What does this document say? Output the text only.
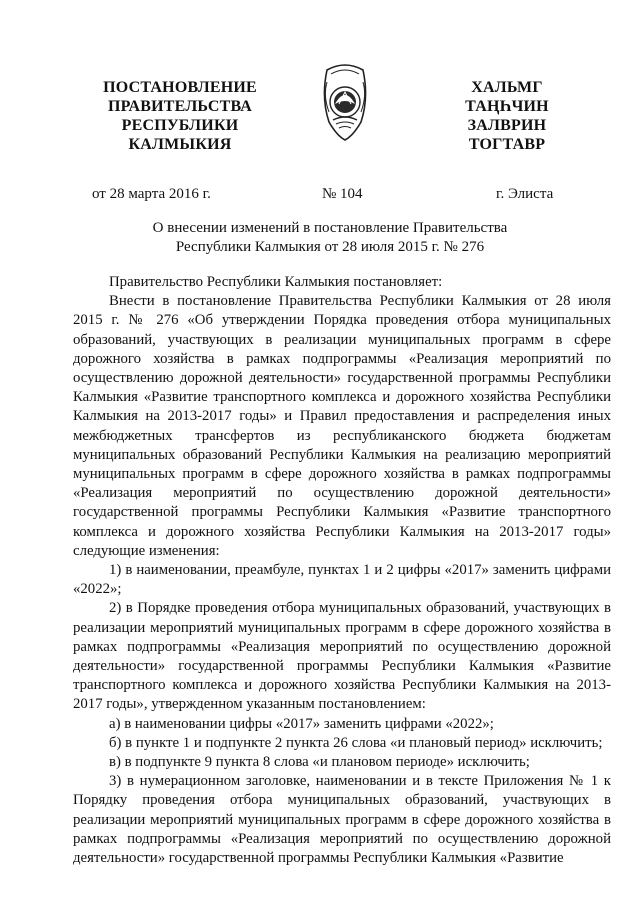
ПОСТАНОВЛЕНИЕ
ПРАВИТЕЛЬСТВА
РЕСПУБЛИКИ
КАЛМЫКИЯ
ХАЛЬМГ
ТАҢҺЧИН
ЗАЛВРИН
ТОГТАВР
от 28 марта 2016 г.	№ 104	г. Элиста
О внесении изменений в постановление Правительства
Республики Калмыкия от 28 июля 2015 г. № 276

Правительство Республики Калмыкия постановляет:

Внести в постановление Правительства Республики Калмыкия от 28 июля 2015 г. № 276 «Об утверждении Порядка проведения отбора муниципальных образований, участвующих в реализации муниципальных программ в сфере дорожного хозяйства в рамках подпрограммы «Реализация мероприятий по осуществлению дорожной деятельности» государственной программы Республики Калмыкия «Развитие транспортного комплекса и дорожного хозяйства Республики Калмыкия на 2013-2017 годы» и Правил предоставления и распределения иных межбюджетных трансфертов из республиканского бюджета бюджетам муниципальных образований Республики Калмыкия на реализацию мероприятий муниципальных программ в сфере дорожного хозяйства в рамках подпрограммы «Реализация мероприятий по осуществлению дорожной деятельности» государственной программы Республики Калмыкия «Развитие транспортного комплекса и дорожного хозяйства Республики Калмыкия на 2013-2017 годы» следующие изменения:

1) в наименовании, преамбуле, пунктах 1 и 2 цифры «2017» заменить цифрами «2022»;

2) в Порядке проведения отбора муниципальных образований, участвующих в реализации мероприятий муниципальных программ в сфере дорожного хозяйства в рамках подпрограммы «Реализация мероприятий по осуществлению дорожной деятельности» государственной программы Республики Калмыкия «Развитие транспортного комплекса и дорожного хозяйства Республики Калмыкия на 2013-2017 годы», утвержденном указанным постановлением:

а) в наименовании цифры «2017» заменить цифрами «2022»;

б) в пункте 1 и подпункте 2 пункта 26 слова «и плановый период» исключить;

в) в подпункте 9 пункта 8 слова «и плановом периоде» исключить;

3) в нумерационном заголовке, наименовании и в тексте Приложения № 1 к Порядку проведения отбора муниципальных образований, участвующих в реализации мероприятий муниципальных программ в сфере дорожного хозяйства в рамках подпрограммы «Реализация мероприятий по осуществлению дорожной деятельности» государственной программы Республики Калмыкия «Развитие
